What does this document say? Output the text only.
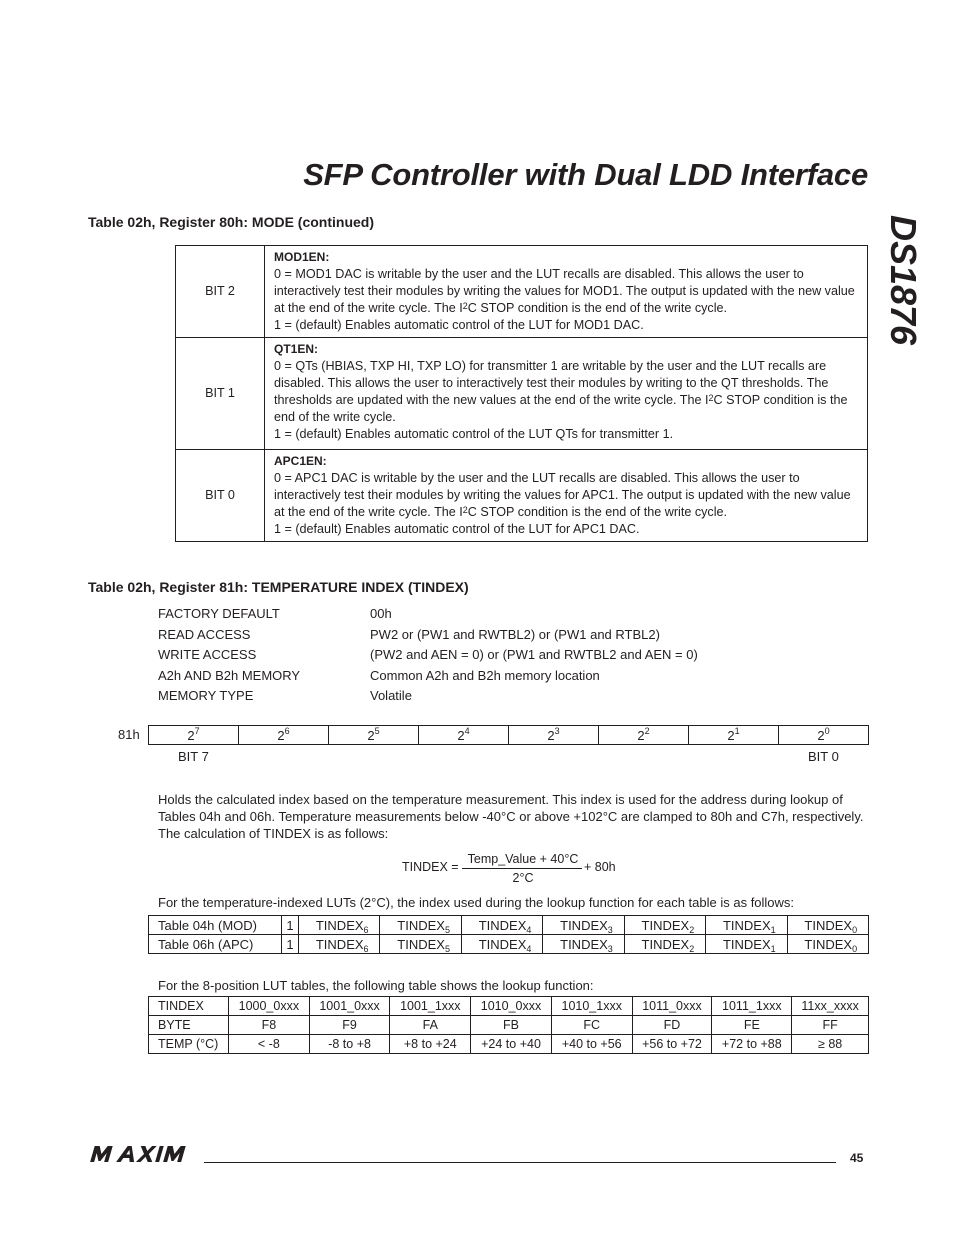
SFP Controller with Dual LDD Interface
DS1876
Table 02h, Register 80h: MODE (continued)
BIT 2	MOD1EN:
0 = MOD1 DAC is writable by the user and the LUT recalls are disabled. This allows the user to interactively test their modules by writing the values for MOD1. The output is updated with the new value at the end of the write cycle. The $I^2C$ STOP condition is the end of the write cycle.
1 = (default) Enables automatic control of the LUT for MOD1 DAC.

BIT 1	QT1EN:
0 = QTs (HBIAS, TXP HI, TXP LO) for transmitter 1 are writable by the user and the LUT recalls are disabled. This allows the user to interactively test their modules by writing to the QT thresholds. The thresholds are updated with the new values at the end of the write cycle. The $I^2C$ STOP condition is the end of the write cycle.
1 = (default) Enables automatic control of the LUT QTs for transmitter 1.

BIT 0	APC1EN:
0 = APC1 DAC is writable by the user and the LUT recalls are disabled. This allows the user to interactively test their modules by writing the values for APC1. The output is updated with the new value at the end of the write cycle. The $I^2C$ STOP condition is the end of the write cycle.
1 = (default) Enables automatic control of the LUT for APC1 DAC.
Table 02h, Register 81h: TEMPERATURE INDEX (TINDEX)
FACTORY DEFAULT	00h
READ ACCESS	PW2 or (PW1 and RWTBL2) or (PW1 and RTBL2)
WRITE ACCESS	(PW2 and AEN = 0) or (PW1 and RWTBL2 and AEN = 0)
A2h AND B2h MEMORY	Common A2h and B2h memory location
MEMORY TYPE	Volatile
81h	$2^7$	$2^6$	$2^5$	$2^4$	$2^3$	$2^2$	$2^1$	$2^0$
BIT 7	BIT 0
Holds the calculated index based on the temperature measurement. This index is used for the address during lookup of Tables 04h and 06h. Temperature measurements below -40°C or above +102°C are clamped to 80h and C7h, respectively. The calculation of TINDEX is as follows:
TINDEX =
Temp_Value + 40°C
2°C
+ 80h
For the temperature-indexed LUTs (2°C), the index used during the lookup function for each table is as follows:
Table 04h (MOD)	1	$TINDEX_6$	$TINDEX_5$	$TINDEX_4$	$TINDEX_3$	$TINDEX_2$	$TINDEX_1$	$TINDEX_0$
Table 06h (APC)	1	$TINDEX_6$	$TINDEX_5$	$TINDEX_4$	$TINDEX_3$	$TINDEX_2$	$TINDEX_1$	$TINDEX_0$
For the 8-position LUT tables, the following table shows the lookup function:
TINDEX	1000_0xxx	1001_0xxx	1001_1xxx	1010_0xxx	1010_1xxx	1011_0xxx	1011_1xxx	11xx_xxxx
BYTE	F8	F9	FA	FB	FC	FD	FE	FF
TEMP (°C)	< -8	-8 to +8	+8 to +24	+24 to +40	+40 to +56	+56 to +72	+72 to +88	≥ 88
45
